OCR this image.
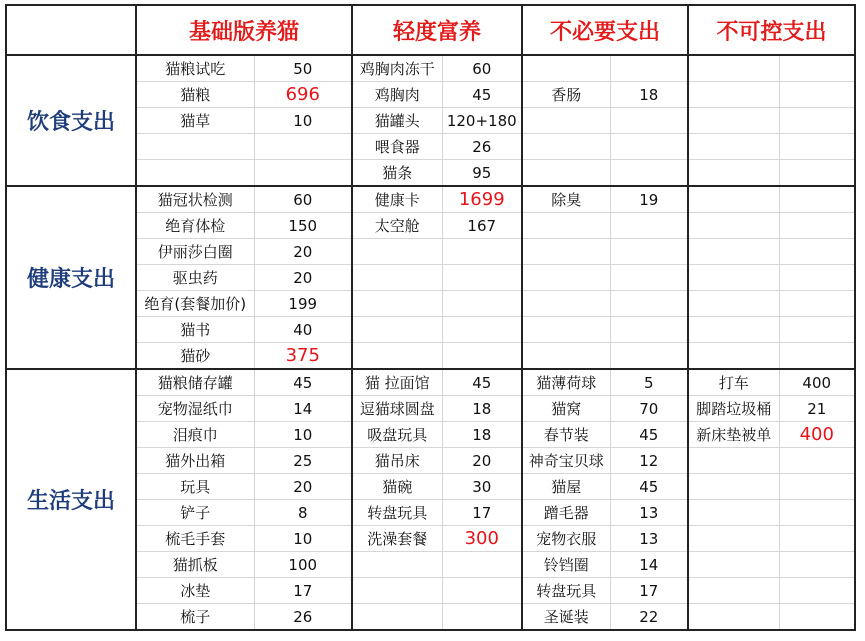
	基础版养猫		轻度富养		不必要支出		不可控支出	
饮食支出	猫粮试吃	50	鸡胸肉冻干	60				
	猫粮	696	鸡胸肉	45	香肠	18		
	猫草	10	猫罐头	120+180				
			喂食器	26				
			猫条	95				
健康支出	猫冠状检测	60	健康卡	1699	除臭	19		
	绝育体检	150	太空舱	167				
	伊丽莎白圈	20						
	驱虫药	20						
	绝育(套餐加价)	199						
	猫书	40						
	猫砂	375						
生活支出	猫粮储存罐	45	猫 拉面馆	45	猫薄荷球	5	打车	400
	宠物湿纸巾	14	逗猫球圆盘	18	猫窝	70	脚踏垃圾桶	21
	泪痕巾	10	吸盘玩具	18	春节装	45	新床垫被单	400
	猫外出箱	25	猫吊床	20	神奇宝贝球	12		
	玩具	20	猫碗	30	猫屋	45		
	铲子	8	转盘玩具	17	蹭毛器	13		
	梳毛手套	10	洗澡套餐	300	宠物衣服	13		
	猫抓板	100			铃铛圈	14		
	冰垫	17			转盘玩具	17		
	梳子	26			圣诞装	22		
